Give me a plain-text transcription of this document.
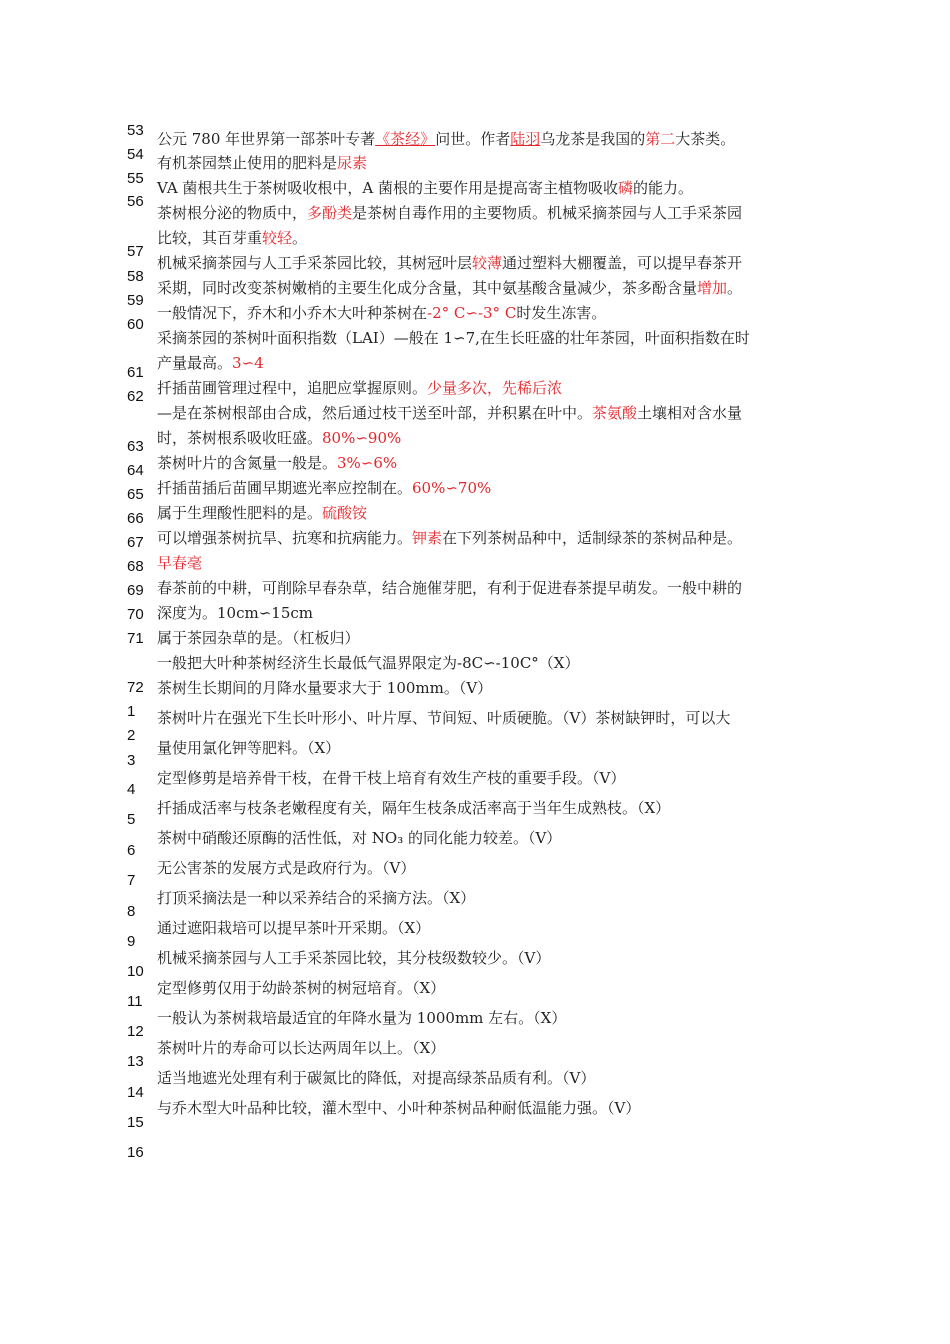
53
54
55
56
57
58
59
60
61
62
63
64
65
66
67
68
69
70
71
72
1
2
3
4
5
6
7
8
9
10
11
12
13
14
15
16
公元 780 年世界第一部茶叶专著《茶经》问世。作者陆羽乌龙茶是我国的第二大茶类。
有机茶园禁止使用的肥料是尿素
VA 菌根共生于茶树吸收根中，A 菌根的主要作用是提高寄主植物吸收磷的能力。
茶树根分泌的物质中，多酚类是茶树自毒作用的主要物质。机械采摘茶园与人工手采茶园
比较，其百芽重较轻。
机械采摘茶园与人工手采茶园比较，其树冠叶层较薄通过塑料大棚覆盖，可以提早春茶开
采期，同时改变茶树嫩梢的主要生化成分含量，其中氨基酸含量减少，茶多酚含量增加。
一般情况下，乔木和小乔木大叶种茶树在-2° C∽-3° C时发生冻害。
采摘茶园的茶树叶面积指数（LAI）—般在 1∽7,在生长旺盛的壮年茶园，叶面积指数在时
产量最高。3∽4
扦插苗圃管理过程中，追肥应掌握原则。少量多次，先稀后浓
—是在茶树根部由合成，然后通过枝干送至叶部，并积累在叶中。茶氨酸土壤相对含水量
时，茶树根系吸收旺盛。80%∽90%
茶树叶片的含氮量一般是。3%∽6%
扦插苗插后苗圃早期遮光率应控制在。60%∽70%
属于生理酸性肥料的是。硫酸铵
可以增强茶树抗旱、抗寒和抗病能力。钾素在下列茶树品种中，适制绿茶的茶树品种是。
早春毫
春茶前的中耕，可削除早春杂草，结合施催芽肥，有利于促进春茶提早萌发。一般中耕的
深度为。10cm∽15cm
属于茶园杂草的是。（杠板归）
一般把大叶种茶树经济生长最低气温界限定为-8C∽-10C°（X）
茶树生长期间的月降水量要求大于 100mm。（V）
茶树叶片在强光下生长叶形小、叶片厚、节间短、叶质硬脆。（V）茶树缺钾时，可以大
量使用氯化钾等肥料。（X）
定型修剪是培养骨干枝，在骨干枝上培育有效生产枝的重要手段。（V）
扦插成活率与枝条老嫩程度有关，隔年生枝条成活率高于当年生成熟枝。（X）
茶树中硝酸还原酶的活性低，对 NO₃ 的同化能力较差。（V）
无公害茶的发展方式是政府行为。（V）
打顶采摘法是一种以采养结合的采摘方法。（X）
通过遮阳栽培可以提早茶叶开采期。（X）
机械采摘茶园与人工手采茶园比较，其分枝级数较少。（V）
定型修剪仅用于幼龄茶树的树冠培育。（X）
一般认为茶树栽培最适宜的年降水量为 1000mm 左右。（X）
茶树叶片的寿命可以长达两周年以上。（X）
适当地遮光处理有利于碳氮比的降低，对提高绿茶品质有利。（V）
与乔木型大叶品种比较，灌木型中、小叶种茶树品种耐低温能力强。（V）
